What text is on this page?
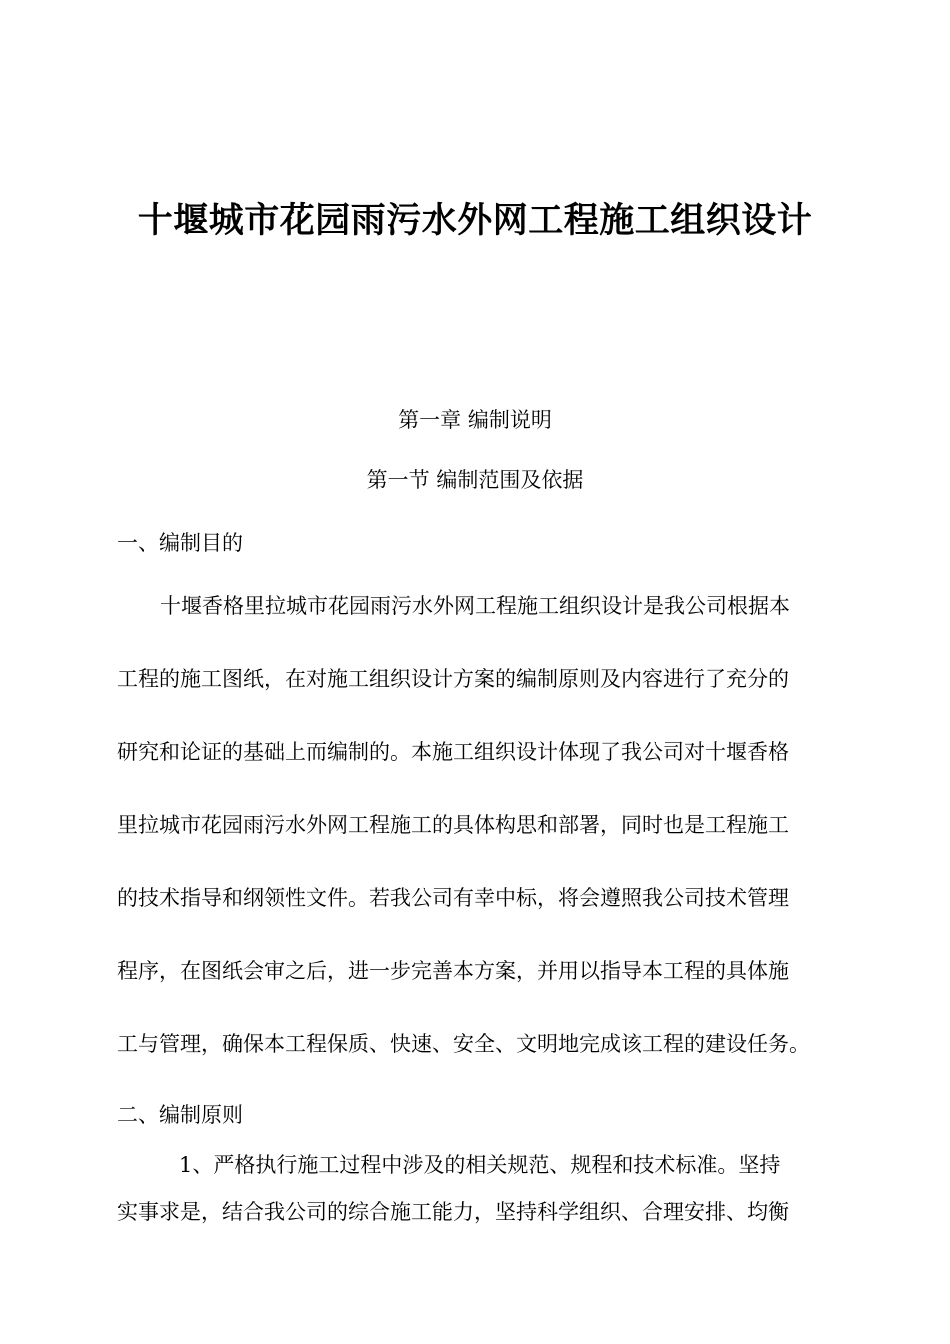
十堰城市花园雨污水外网工程施工组织设计
第一章 编制说明
第一节 编制范围及依据
一、编制目的
十堰香格里拉城市花园雨污水外网工程施工组织设计是我公司根据本
工程的施工图纸，在对施工组织设计方案的编制原则及内容进行了充分的
研究和论证的基础上而编制的。本施工组织设计体现了我公司对十堰香格
里拉城市花园雨污水外网工程施工的具体构思和部署，同时也是工程施工
的技术指导和纲领性文件。若我公司有幸中标，将会遵照我公司技术管理
程序，在图纸会审之后，进一步完善本方案，并用以指导本工程的具体施
工与管理，确保本工程保质、快速、安全、文明地完成该工程的建设任务。
二、编制原则
1、严格执行施工过程中涉及的相关规范、规程和技术标准。坚持
实事求是，结合我公司的综合施工能力，坚持科学组织、合理安排、均衡
